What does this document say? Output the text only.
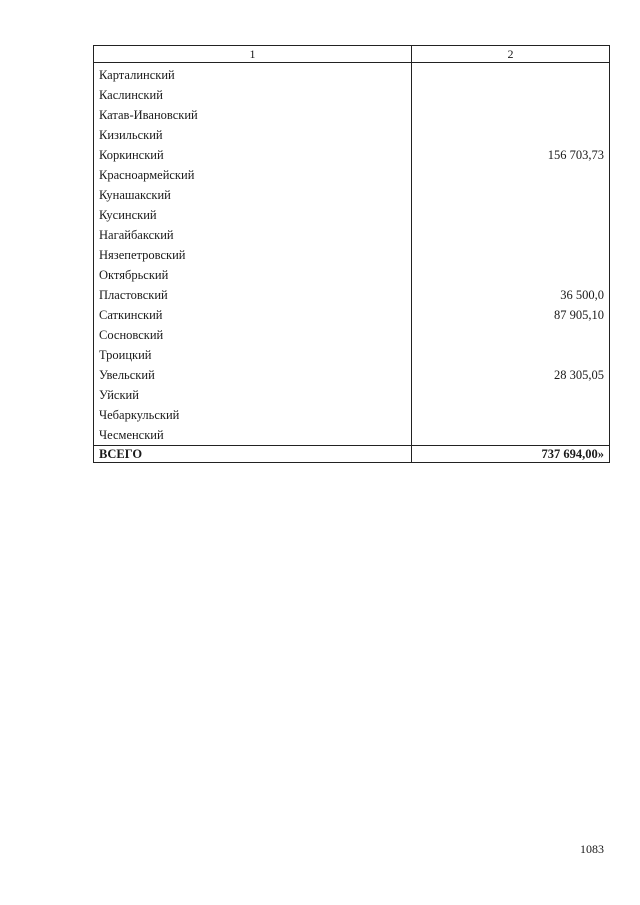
1	2
Карталинский	
Каслинский	
Катав-Ивановский	
Кизильский	
Коркинский	156 703,73
Красноармейский	
Кунашакский	
Кусинский	
Нагайбакский	
Нязепетровский	
Октябрьский	
Пластовский	36 500,0
Саткинский	87 905,10
Сосновский	
Троицкий	
Увельский	28 305,05
Уйский	
Чебаркульский	
Чесменский	
ВСЕГО	737 694,00»
1083
